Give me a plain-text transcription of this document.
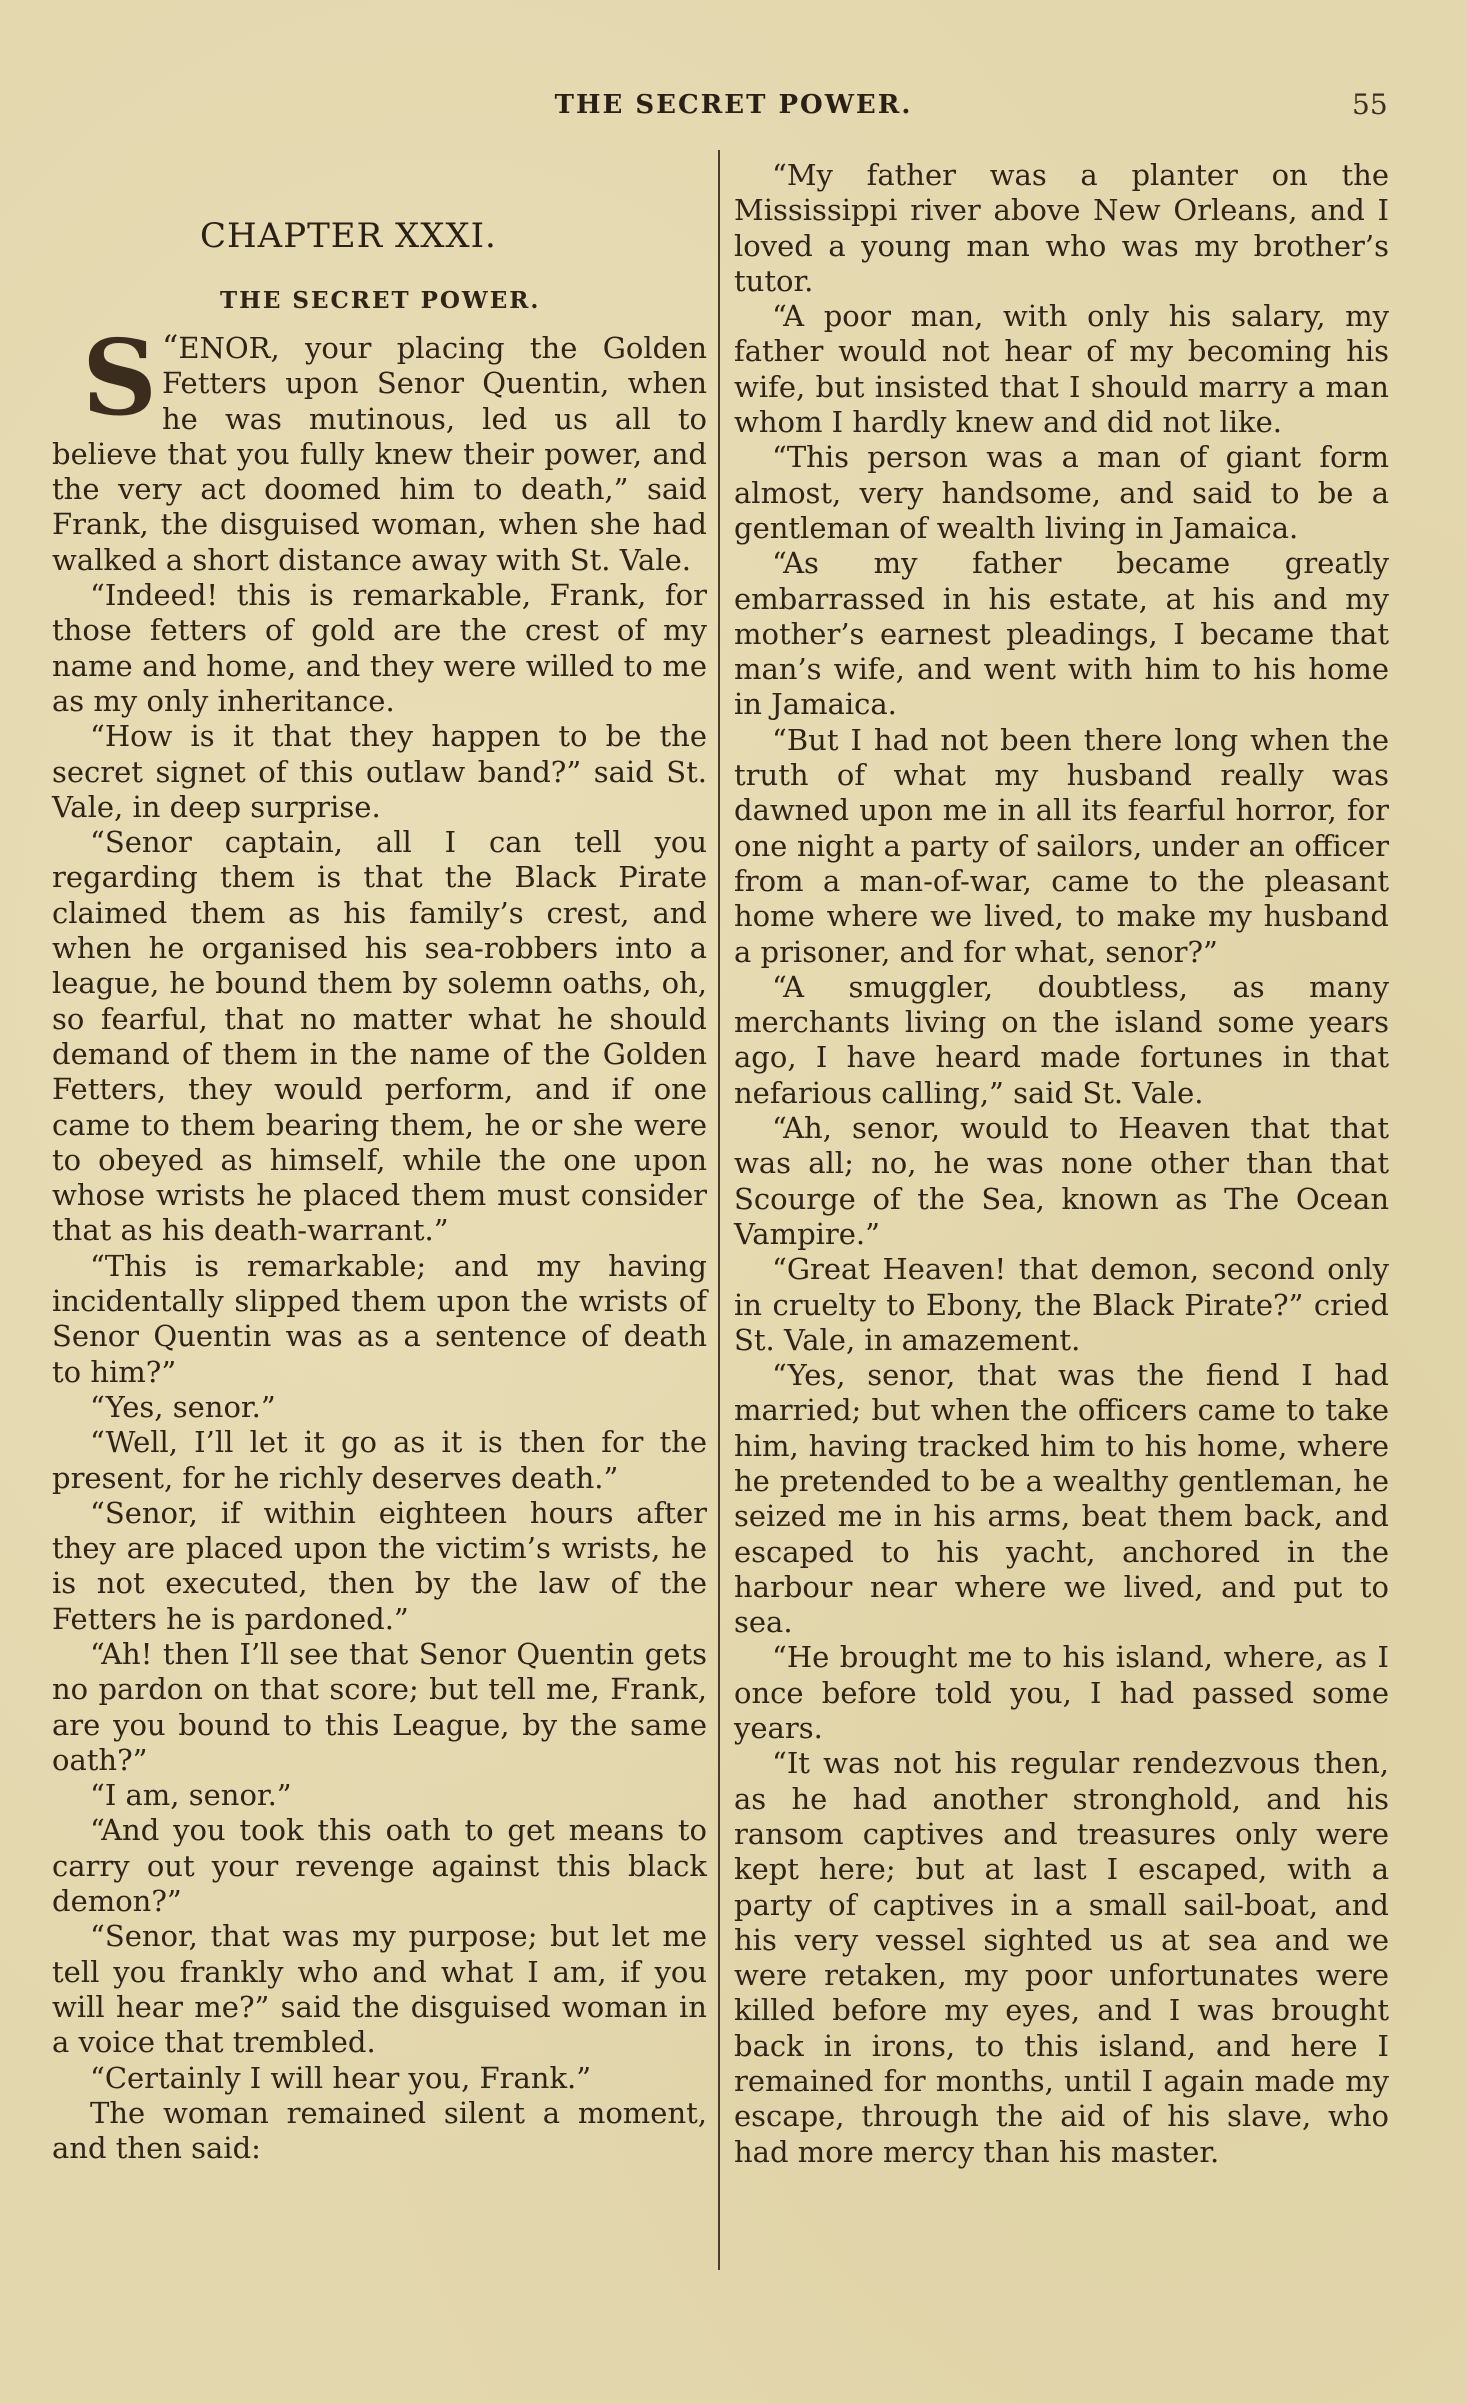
THE SECRET POWER.	55
CHAPTER XXXI.
THE SECRET POWER.

“
S ENOR, your placing the Golden Fetters upon Senor Quentin, when he was mutinous, led us all to believe that you fully knew their power, and the very act doomed him to death,” said Frank, the disguised woman, when she had walked a short distance away with St. Vale.

“Indeed! this is remarkable, Frank, for those fetters of gold are the crest of my name and home, and they were willed to me as my only inheritance.

“How is it that they happen to be the secret signet of this outlaw band?” said St. Vale, in deep surprise.

“Senor captain, all I can tell you regarding them is that the Black Pirate claimed them as his family’s crest, and when he organised his sea-robbers into a league, he bound them by solemn oaths, oh, so fearful, that no matter what he should demand of them in the name of the Golden Fetters, they would perform, and if one came to them bearing them, he or she were to obeyed as himself, while the one upon whose wrists he placed them must consider that as his death-warrant.”

“This is remarkable; and my having incidentally slipped them upon the wrists of Senor Quentin was as a sentence of death to him?”

“Yes, senor.”

“Well, I’ll let it go as it is then for the present, for he richly deserves death.”

“Senor, if within eighteen hours after they are placed upon the victim’s wrists, he is not executed, then by the law of the Fetters he is pardoned.”

“Ah! then I’ll see that Senor Quentin gets no pardon on that score; but tell me, Frank, are you bound to this League, by the same oath?”

“I am, senor.”

“And you took this oath to get means to carry out your revenge against this black demon?”

“Senor, that was my purpose; but let me tell you frankly who and what I am, if you will hear me?” said the disguised woman in a voice that trembled.

“Certainly I will hear you, Frank.”

The woman remained silent a moment, and then said:

“My father was a planter on the Mississippi river above New Orleans, and I loved a young man who was my brother’s tutor.

“A poor man, with only his salary, my father would not hear of my becoming his wife, but insisted that I should marry a man whom I hardly knew and did not like.

“This person was a man of giant form almost, very handsome, and said to be a gentleman of wealth living in Jamaica.

“As my father became greatly embarrassed in his estate, at his and my mother’s earnest pleadings, I became that man’s wife, and went with him to his home in Jamaica.

“But I had not been there long when the truth of what my husband really was dawned upon me in all its fearful horror, for one night a party of sailors, under an officer from a man-of-war, came to the pleasant home where we lived, to make my husband a prisoner, and for what, senor?”

“A smuggler, doubtless, as many merchants living on the island some years ago, I have heard made fortunes in that nefarious calling,” said St. Vale.

“Ah, senor, would to Heaven that that was all; no, he was none other than that Scourge of the Sea, known as The Ocean Vampire.”

“Great Heaven! that demon, second only in cruelty to Ebony, the Black Pirate?” cried St. Vale, in amazement.

“Yes, senor, that was the fiend I had married; but when the officers came to take him, having tracked him to his home, where he pretended to be a wealthy gentleman, he seized me in his arms, beat them back, and escaped to his yacht, anchored in the harbour near where we lived, and put to sea.

“He brought me to his island, where, as I once before told you, I had passed some years.

“It was not his regular rendezvous then, as he had another stronghold, and his ransom captives and treasures only were kept here; but at last I escaped, with a party of captives in a small sail-boat, and his very vessel sighted us at sea and we were retaken, my poor unfortunates were killed before my eyes, and I was brought back in irons, to this island, and here I remained for months, until I again made my escape, through the aid of his slave, who had more mercy than his master.
